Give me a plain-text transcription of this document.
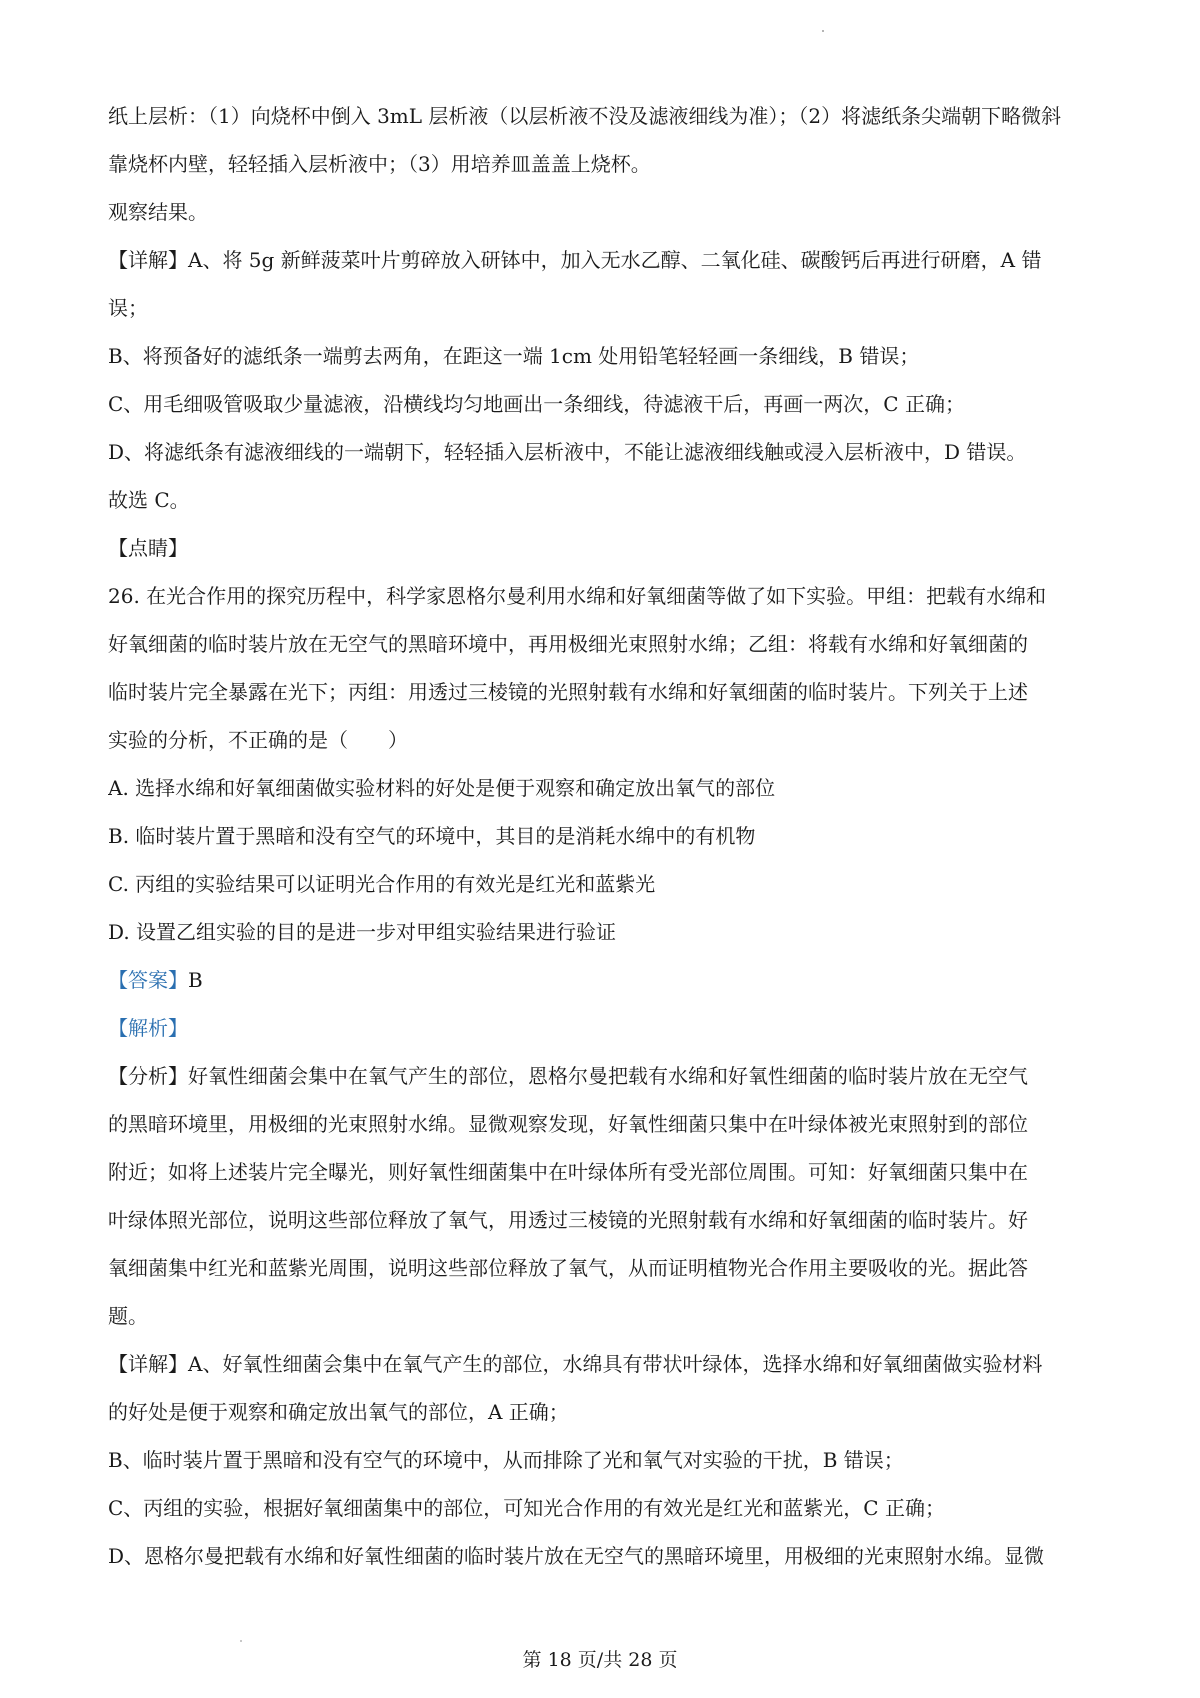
纸上层析：（1）向烧杯中倒入 3mL 层析液（以层析液不没及滤液细线为准）；（2）将滤纸条尖端朝下略微斜
靠烧杯内壁，轻轻插入层析液中；（3）用培养皿盖盖上烧杯。
观察结果。
【详解】A、将 5g 新鲜菠菜叶片剪碎放入研钵中，加入无水乙醇、二氧化硅、碳酸钙后再进行研磨，A 错
误；
B、将预备好的滤纸条一端剪去两角，在距这一端 1cm 处用铅笔轻轻画一条细线，B 错误；
C、用毛细吸管吸取少量滤液，沿横线均匀地画出一条细线，待滤液干后，再画一两次，C 正确；
D、将滤纸条有滤液细线的一端朝下，轻轻插入层析液中，不能让滤液细线触或浸入层析液中，D 错误。
故选 C。
【点睛】
26. 在光合作用的探究历程中，科学家恩格尔曼利用水绵和好氧细菌等做了如下实验。甲组：把载有水绵和
好氧细菌的临时装片放在无空气的黑暗环境中，再用极细光束照射水绵；乙组：将载有水绵和好氧细菌的
临时装片完全暴露在光下；丙组：用透过三棱镜的光照射载有水绵和好氧细菌的临时装片。下列关于上述
实验的分析，不正确的是（　　）
A. 选择水绵和好氧细菌做实验材料的好处是便于观察和确定放出氧气的部位
B. 临时装片置于黑暗和没有空气的环境中，其目的是消耗水绵中的有机物
C. 丙组的实验结果可以证明光合作用的有效光是红光和蓝紫光
D. 设置乙组实验的目的是进一步对甲组实验结果进行验证
【答案】B
【解析】
【分析】好氧性细菌会集中在氧气产生的部位，恩格尔曼把载有水绵和好氧性细菌的临时装片放在无空气
的黑暗环境里，用极细的光束照射水绵。显微观察发现，好氧性细菌只集中在叶绿体被光束照射到的部位
附近；如将上述装片完全曝光，则好氧性细菌集中在叶绿体所有受光部位周围。可知：好氧细菌只集中在
叶绿体照光部位，说明这些部位释放了氧气，用透过三棱镜的光照射载有水绵和好氧细菌的临时装片。好
氧细菌集中红光和蓝紫光周围，说明这些部位释放了氧气，从而证明植物光合作用主要吸收的光。据此答
题。
【详解】A、好氧性细菌会集中在氧气产生的部位，水绵具有带状叶绿体，选择水绵和好氧细菌做实验材料
的好处是便于观察和确定放出氧气的部位，A 正确；
B、临时装片置于黑暗和没有空气的环境中，从而排除了光和氧气对实验的干扰，B 错误；
C、丙组的实验，根据好氧细菌集中的部位，可知光合作用的有效光是红光和蓝紫光，C 正确；
D、恩格尔曼把载有水绵和好氧性细菌的临时装片放在无空气的黑暗环境里，用极细的光束照射水绵。显微
第 18 页/共 28 页
